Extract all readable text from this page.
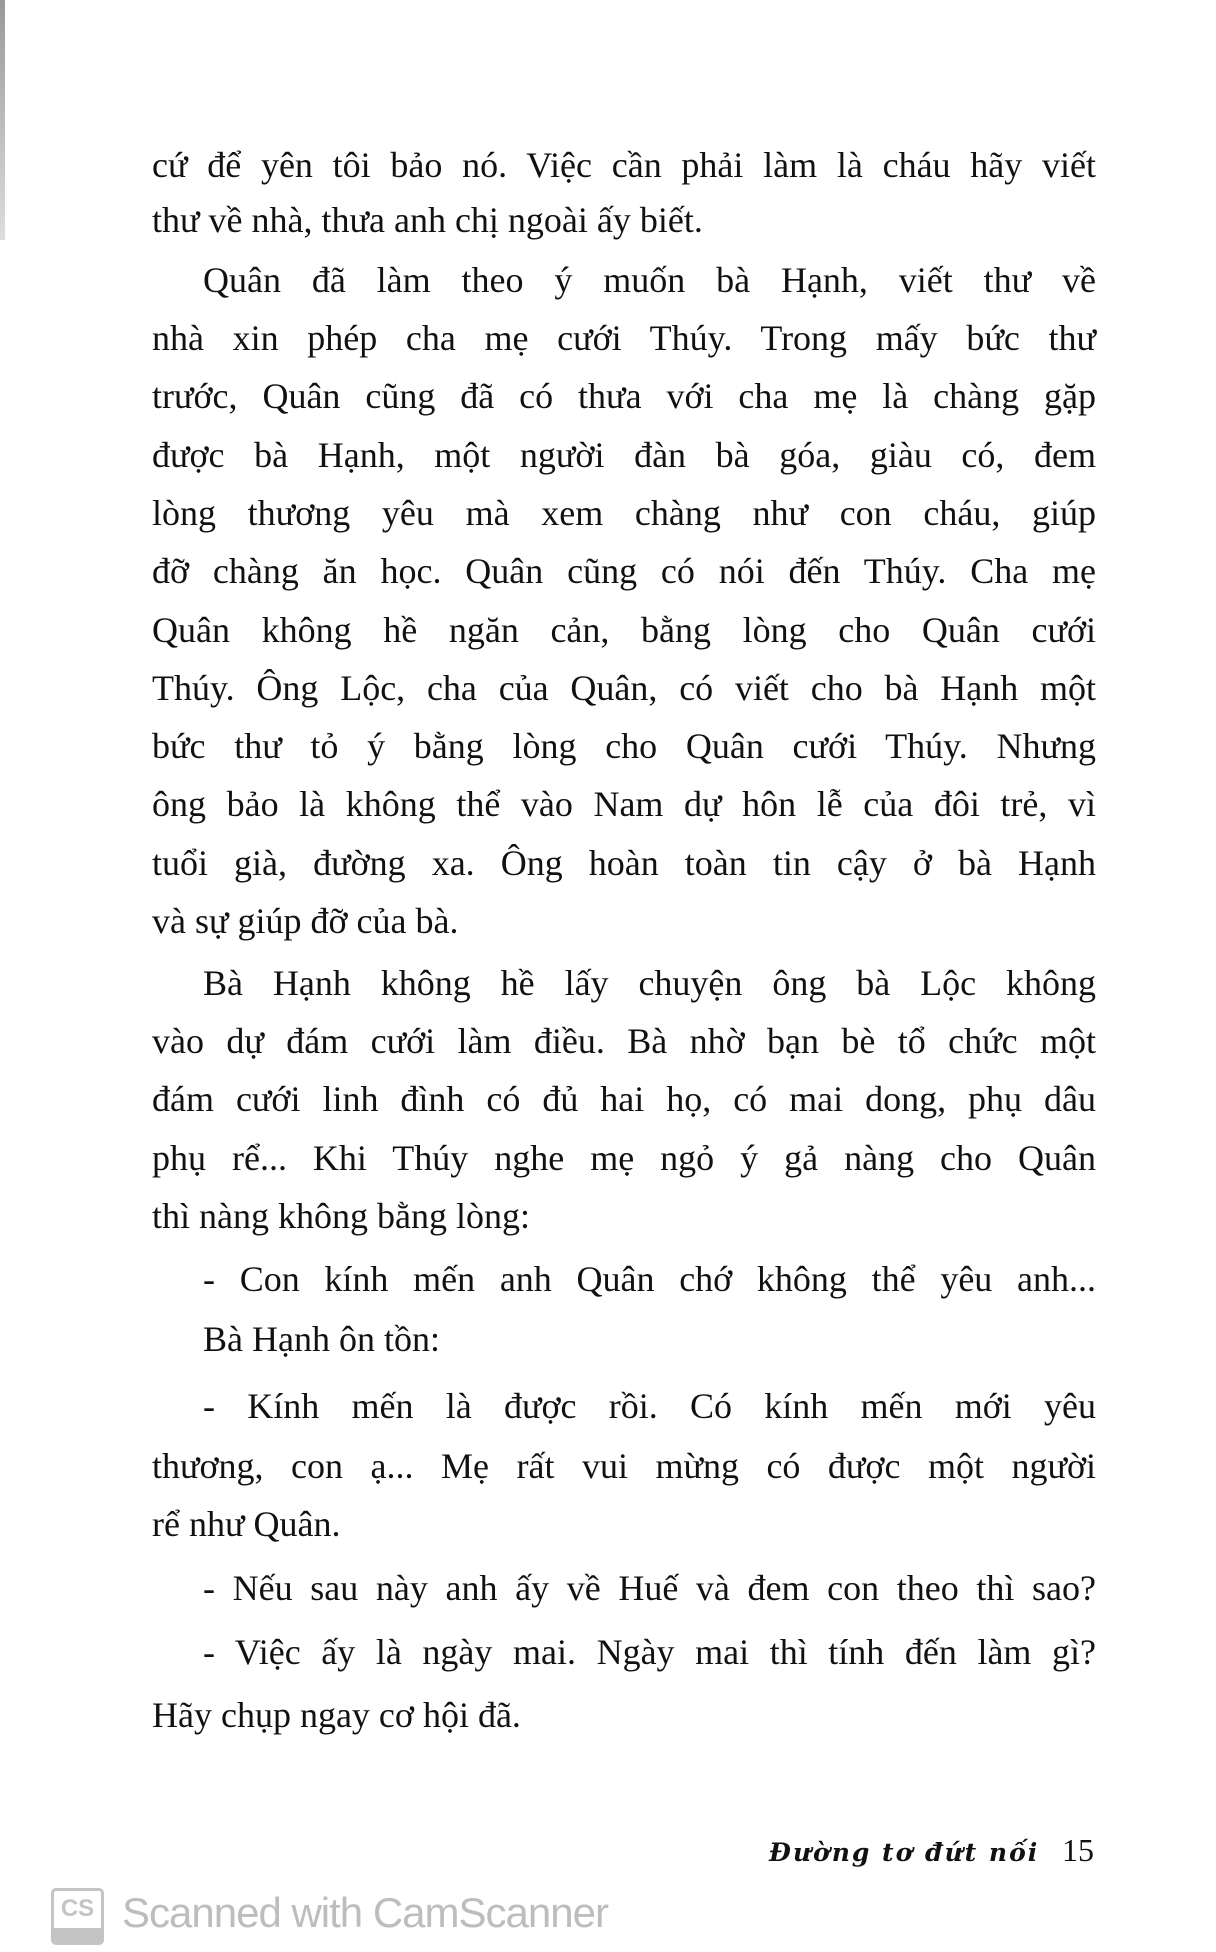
cứ để yên tôi bảo nó. Việc cần phải làm là cháu hãy viết
thư về nhà, thưa anh chị ngoài ấy biết.
Quân đã làm theo ý muốn bà Hạnh, viết thư về
nhà xin phép cha mẹ cưới Thúy. Trong mấy bức thư
trước, Quân cũng đã có thưa với cha mẹ là chàng gặp
được bà Hạnh, một người đàn bà góa, giàu có, đem
lòng thương yêu mà xem chàng như con cháu, giúp
đỡ chàng ăn học. Quân cũng có nói đến Thúy. Cha mẹ
Quân không hề ngăn cản, bằng lòng cho Quân cưới
Thúy. Ông Lộc, cha của Quân, có viết cho bà Hạnh một
bức thư tỏ ý bằng lòng cho Quân cưới Thúy. Nhưng
ông bảo là không thể vào Nam dự hôn lễ của đôi trẻ, vì
tuổi già, đường xa. Ông hoàn toàn tin cậy ở bà Hạnh
và sự giúp đỡ của bà.
Bà Hạnh không hề lấy chuyện ông bà Lộc không
vào dự đám cưới làm điều. Bà nhờ bạn bè tổ chức một
đám cưới linh đình có đủ hai họ, có mai dong, phụ dâu
phụ rể... Khi Thúy nghe mẹ ngỏ ý gả nàng cho Quân
thì nàng không bằng lòng:
- Con kính mến anh Quân chớ không thể yêu anh...
Bà Hạnh ôn tồn:
- Kính mến là được rồi. Có kính mến mới yêu
thương, con ạ... Mẹ rất vui mừng có được một người
rể như Quân.
- Nếu sau này anh ấy về Huế và đem con theo thì sao?
- Việc ấy là ngày mai. Ngày mai thì tính đến làm gì?
Hãy chụp ngay cơ hội đã.
Đường tơ đứt nối 15
CS Scanned with CamScanner
